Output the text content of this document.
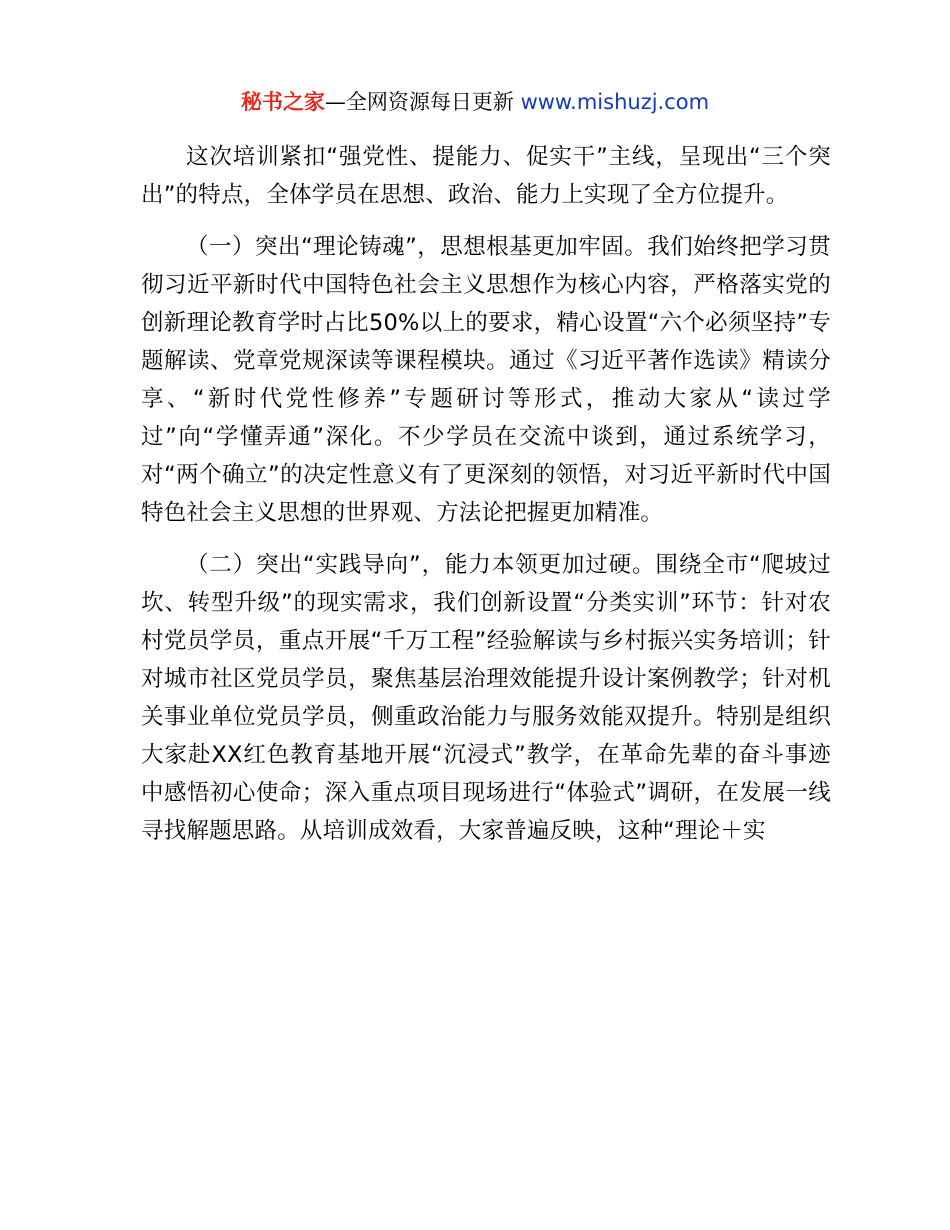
秘书之家—全网资源每日更新 www.mishuzj.com

这次培训紧扣“强党性、提能力、促实干”主线，呈现出“三个突出”的特点，全体学员在思想、政治、能力上实现了全方位提升。

（一）突出“理论铸魂”，思想根基更加牢固。我们始终把学习贯彻习近平新时代中国特色社会主义思想作为核心内容，严格落实党的创新理论教育学时占比50%以上的要求，精心设置“六个必须坚持”专题解读、党章党规深读等课程模块。通过《习近平著作选读》精读分享、“新时代党性修养”专题研讨等形式，推动大家从“读过学过”向“学懂弄通”深化。不少学员在交流中谈到，通过系统学习，对“两个确立”的决定性意义有了更深刻的领悟，对习近平新时代中国特色社会主义思想的世界观、方法论把握更加精准。

（二）突出“实践导向”，能力本领更加过硬。围绕全市“爬坡过坎、转型升级”的现实需求，我们创新设置“分类实训”环节：针对农村党员学员，重点开展“千万工程”经验解读与乡村振兴实务培训；针对城市社区党员学员，聚焦基层治理效能提升设计案例教学；针对机关事业单位党员学员，侧重政治能力与服务效能双提升。特别是组织大家赴XX红色教育基地开展“沉浸式”教学，在革命先辈的奋斗事迹中感悟初心使命；深入重点项目现场进行“体验式”调研，在发展一线寻找解题思路。从培训成效看，大家普遍反映，这种“理论＋实
